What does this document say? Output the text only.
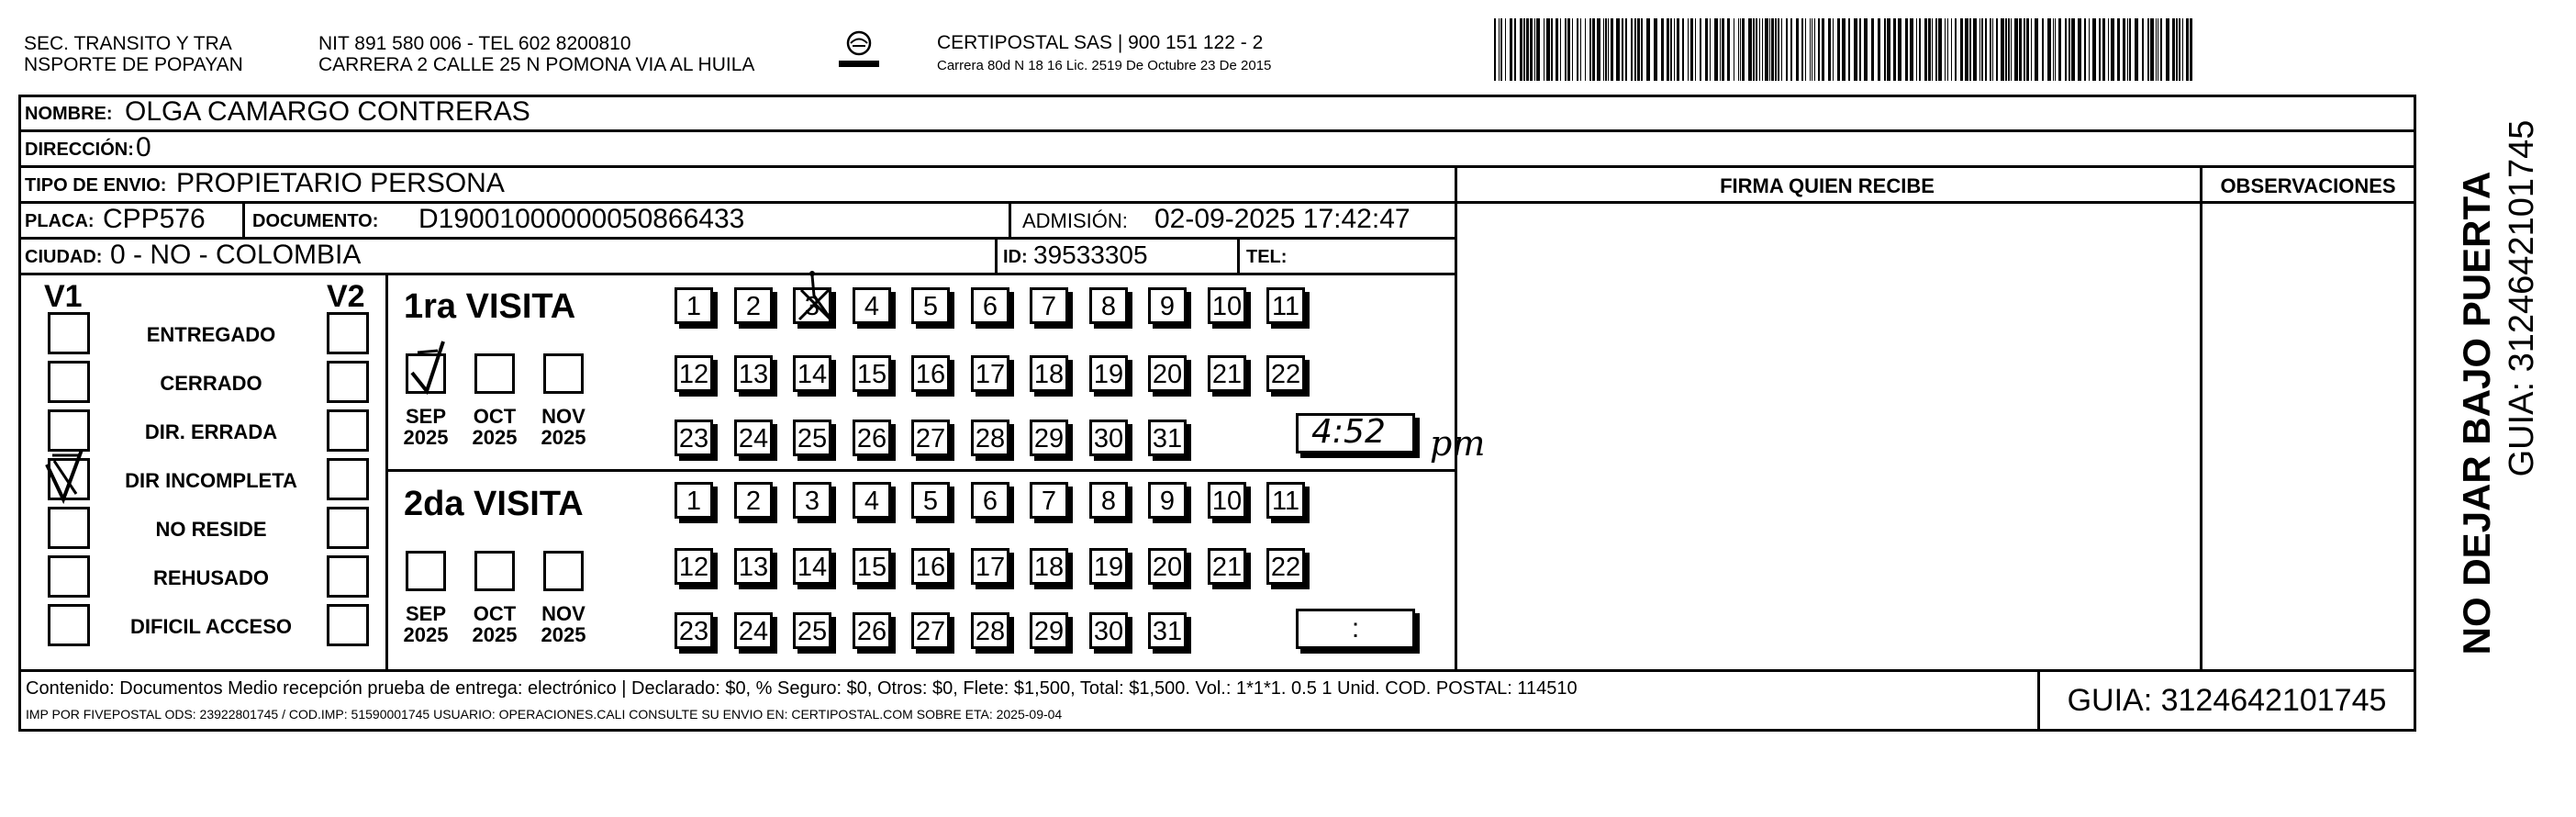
SEC. TRANSITO Y TRA
NSPORTE DE POPAYAN
NIT 891 580 006 - TEL 602 8200810
CARRERA 2 CALLE 25 N POMONA VIA AL HUILA
CERTIPOSTAL SAS | 900 151 122 - 2
Carrera 80d N 18 16 Lic. 2519 De Octubre 23 De 2015
NOMBRE: OLGA CAMARGO CONTRERAS
DIRECCIÓN: 0
TIPO DE ENVIO: PROPIETARIO PERSONA
PLACA: CPP576	DOCUMENTO: D19001000000050866433	ADMISIÓN: 02-09-2025 17:42:47
CIUDAD: 0 - NO - COLOMBIA	ID: 39533305	TEL:
FIRMA QUIEN RECIBE	OBSERVACIONES
V1	V2
ENTREGADO
CERRADO
DIR. ERRADA
DIR INCOMPLETA
NO RESIDE
REHUSADO
DIFICIL ACCESO
1ra VISITA
SEP
2025
OCT
2025
NOV
2025
1	2	3	4	5	6	7	8	9	10 11
12 13 14 15 16 17 18 19 20 21 22
23 24 25 26 27 28 29 30 31	4:52 pm
2da VISITA
SEP
2025
OCT
2025
NOV
2025
1	2	3	4	5	6	7	8	9	10 11
12 13 14 15 16 17 18 19 20 21 22
23 24 25 26 27 28 29 30 31	:
Contenido: Documentos Medio recepción prueba de entrega: electrónico | Declarado: $0, % Seguro: $0, Otros: $0, Flete: $1,500, Total: $1,500. Vol.: 1*1*1. 0.5 1 Unid. COD. POSTAL: 114510
IMP POR FIVEPOSTAL ODS: 23922801745 / COD.IMP: 51590001745 USUARIO: OPERACIONES.CALI CONSULTE SU ENVIO EN: CERTIPOSTAL.COM SOBRE ETA: 2025-09-04	GUIA: 3124642101745
NO DEJAR BAJO PUERTA GUIA: 3124642101745
